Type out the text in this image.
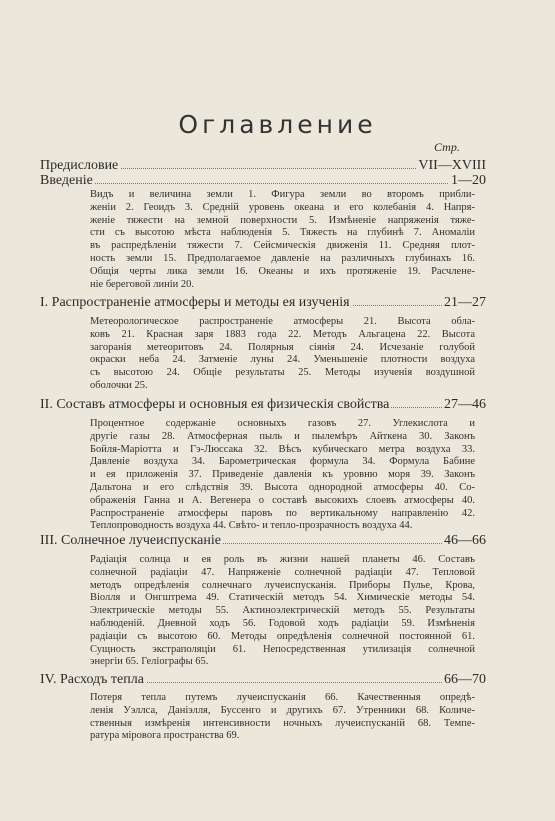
Оглавление
Стр.
Предисловие	VII—XVIII
Введеніе	1—20
Видъ и величина земли 1. Фигура земли во второмъ прибли-
женіи 2. Геоидъ 3. Средній уровень океана и его колебанія 4. Напря-
женіе тяжести на земной поверхности 5. Измѣненіе напряженія тяже-
сти съ высотою мѣста наблюденія 5. Тяжесть на глубинѣ 7. Аномаліи
въ распредѣленіи тяжести 7. Сейсмическія движенія 11. Средняя плот-
ность земли 15. Предполагаемое давленіе на различныхъ глубинахъ 16.
Общія черты лика земли 16. Океаны и ихъ протяженіе 19. Расчлене-
ніе береговой линіи 20.
I. Распространеніе атмосферы и методы ея изученія	21—27
Метеорологическое распространеніе атмосферы 21. Высота обла-
ковъ 21. Красная заря 1883 года 22. Методъ Альгацена 22. Высота
загоранія метеоритовъ 24. Полярныя сіянія 24. Исчезаніе голубой
окраски неба 24. Затменіе луны 24. Уменьшеніе плотности воздуха
съ высотою 24. Общіе результаты 25. Методы изученія воздушной
оболочки 25.
II. Составъ атмосферы и основныя ея физическія свойства	27—46
Процентное содержаніе основныхъ газовъ 27. Углекислота и
другіе газы 28. Атмосферная пыль и пылемѣръ Айткена 30. Законъ
Бойля-Маріотта и Гэ-Люссака 32. Вѣсъ кубическаго метра воздуха 33.
Давленіе воздуха 34. Барометрическая формула 34. Формула Бабине
и ея приложенія 37. Приведеніе давленія къ уровню моря 39. Законъ
Дальтона и его слѣдствія 39. Высота однородной атмосферы 40. Со-
ображенія Ганна и А. Вегенера о составѣ высокихъ слоевъ атмосферы 40.
Распространеніе атмосферы паровъ по вертикальному направленію 42.
Теплопроводность воздуха 44. Свѣто- и тепло-прозрачность воздуха 44.
III. Солнечное лучеиспусканіе	46—66
Радіація солнца и ея роль въ жизни нашей планеты 46. Составъ
солнечной радіаціи 47. Напряженіе солнечной радіаціи 47. Тепловой
методъ опредѣленія солнечнаго лучеиспусканія. Приборы Пулье, Крова,
Віолля и Онгштрема 49. Статическій методъ 54. Химическіе методы 54.
Электрическіе методы 55. Актиноэлектрическій методъ 55. Результаты
наблюденій. Дневной ходъ 56. Годовой ходъ радіаціи 59. Измѣненія
радіаціи съ высотою 60. Методы опредѣленія солнечной постоянной 61.
Сущность экстраполяціи 61. Непосредственная утилизація солнечной
энергіи 65. Геліографы 65.
IV. Расходъ тепла	66—70
Потеря тепла путемъ лучеиспусканія 66. Качественныя опредѣ-
ленія Уэллса, Даніэлля, Буссенго и другихъ 67. Утренники 68. Количе-
ственныя измѣренія интенсивности ночныхъ лучеиспусканій 68. Темпе-
ратура міровога пространства 69.
